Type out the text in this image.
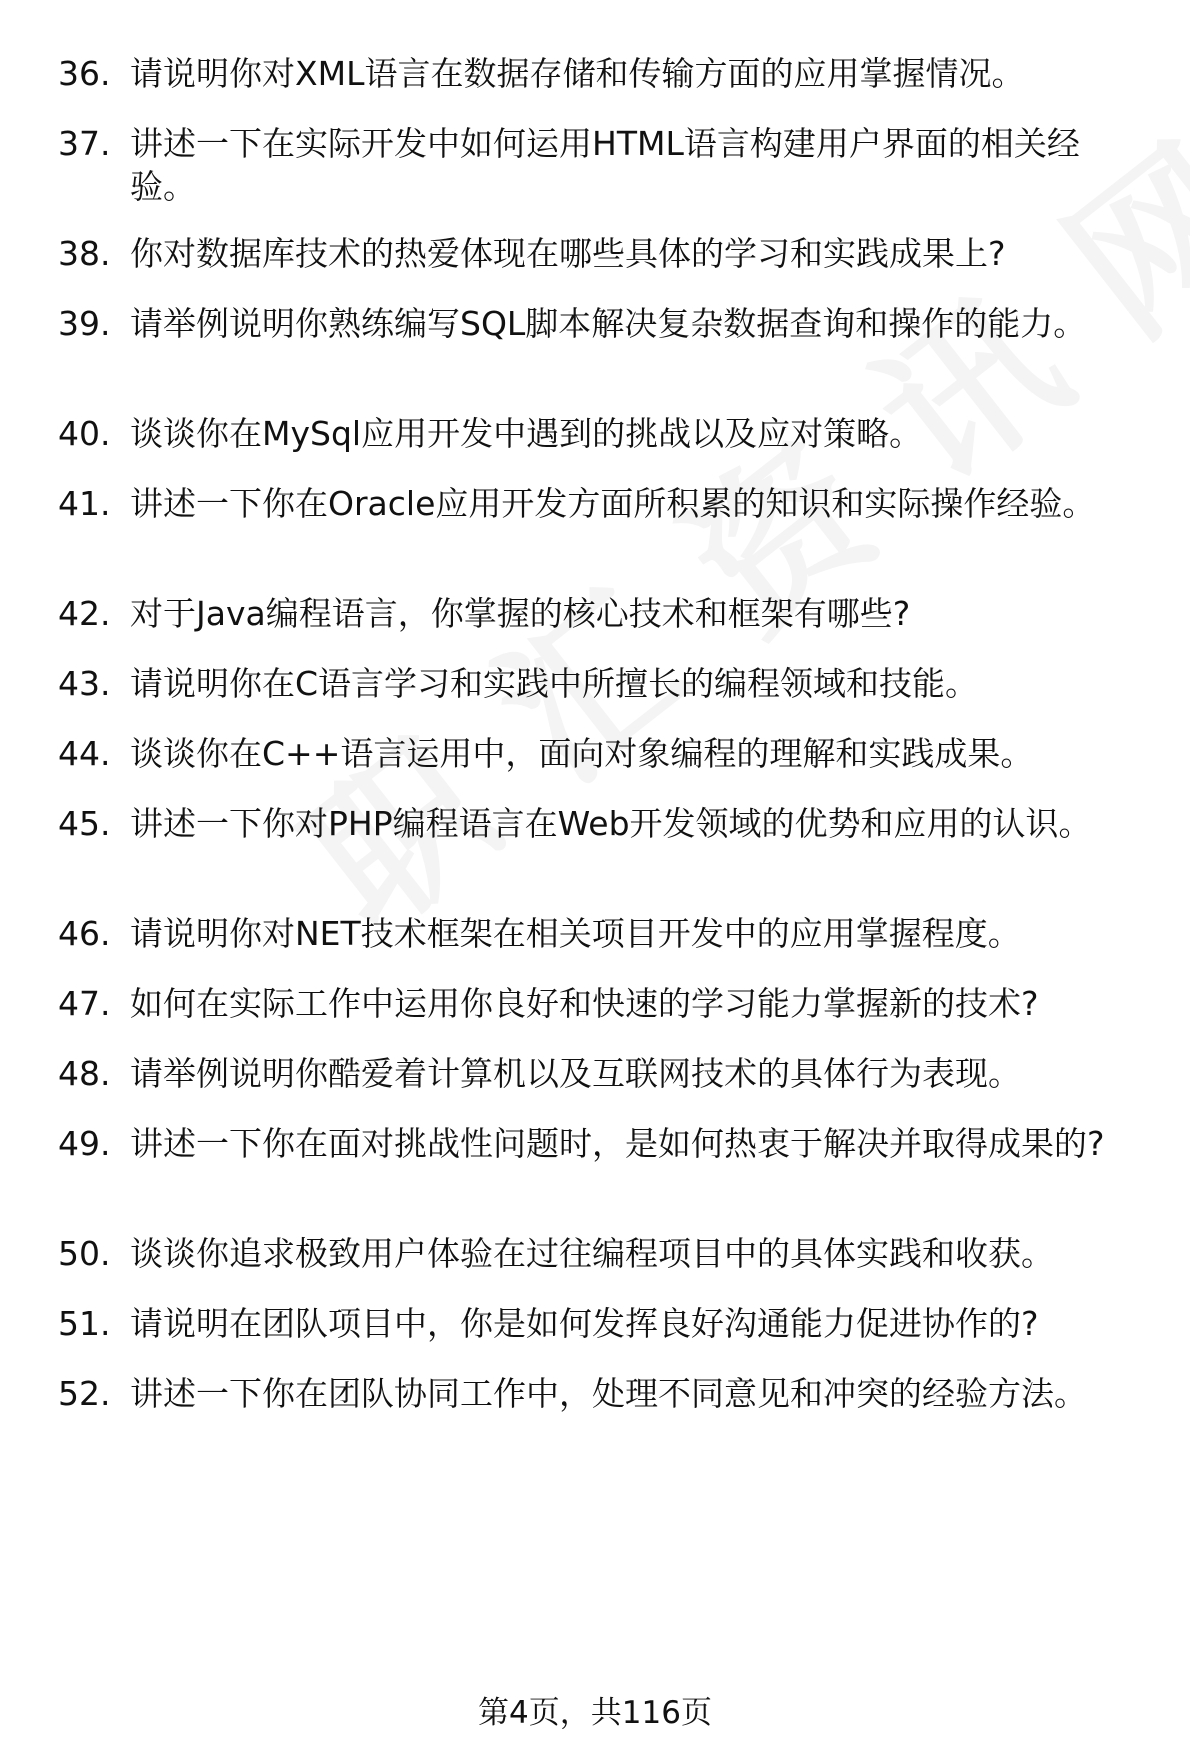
36. 请说明你对XML语言在数据存储和传输方面的应用掌握情况。
37. 讲述一下在实际开发中如何运用HTML语言构建用户界面的相关经验。
38. 你对数据库技术的热爱体现在哪些具体的学习和实践成果上?
39. 请举例说明你熟练编写SQL脚本解决复杂数据查询和操作的能力。
40. 谈谈你在MySql应用开发中遇到的挑战以及应对策略。
41. 讲述一下你在Oracle应用开发方面所积累的知识和实际操作经验。
42. 对于Java编程语言，你掌握的核心技术和框架有哪些?
43. 请说明你在C语言学习和实践中所擅长的编程领域和技能。
44. 谈谈你在C++语言运用中，面向对象编程的理解和实践成果。
45. 讲述一下你对PHP编程语言在Web开发领域的优势和应用的认识。
46. 请说明你对NET技术框架在相关项目开发中的应用掌握程度。
47. 如何在实际工作中运用你良好和快速的学习能力掌握新的技术?
48. 请举例说明你酷爱着计算机以及互联网技术的具体行为表现。
49. 讲述一下你在面对挑战性问题时，是如何热衷于解决并取得成果的?
50. 谈谈你追求极致用户体验在过往编程项目中的具体实践和收获。
51. 请说明在团队项目中，你是如何发挥良好沟通能力促进协作的?
52. 讲述一下你在团队协同工作中，处理不同意见和冲突的经验方法。
第4页，共116页
